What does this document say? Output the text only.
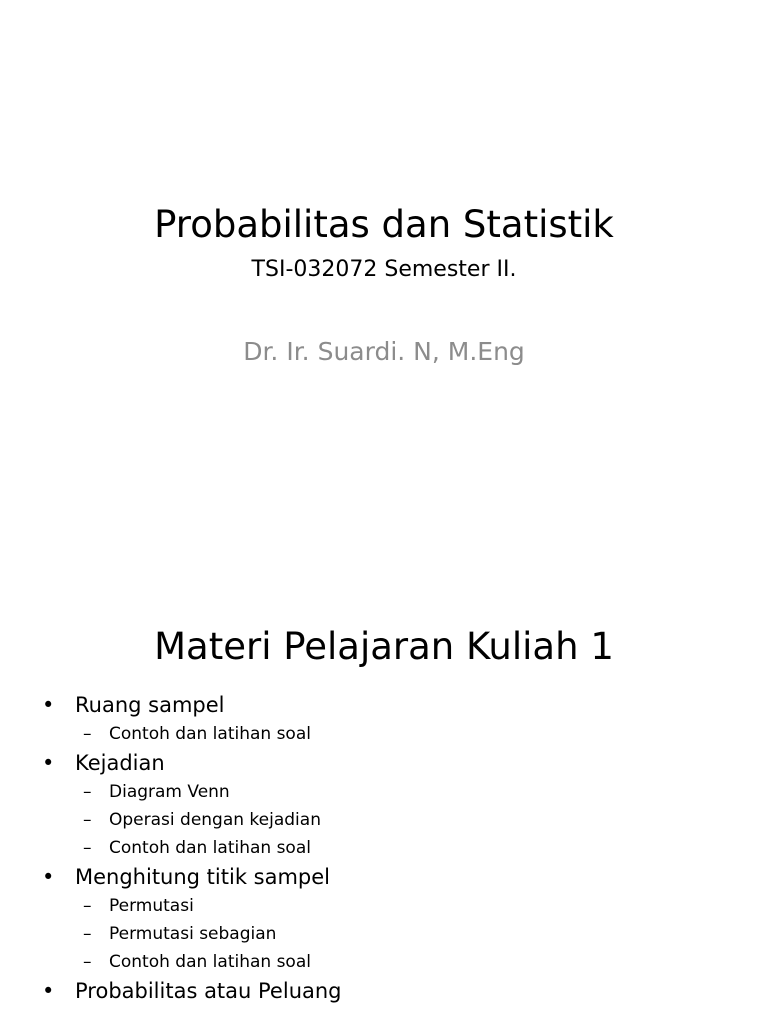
Probabilitas dan Statistik
TSI-032072 Semester II.
Dr. Ir. Suardi. N, M.Eng
Materi Pelajaran Kuliah 1
• Ruang sampel
– Contoh dan latihan soal
• Kejadian
– Diagram Venn
– Operasi dengan kejadian
– Contoh dan latihan soal
• Menghitung titik sampel
– Permutasi
– Permutasi sebagian
– Contoh dan latihan soal
• Probabilitas atau Peluang
